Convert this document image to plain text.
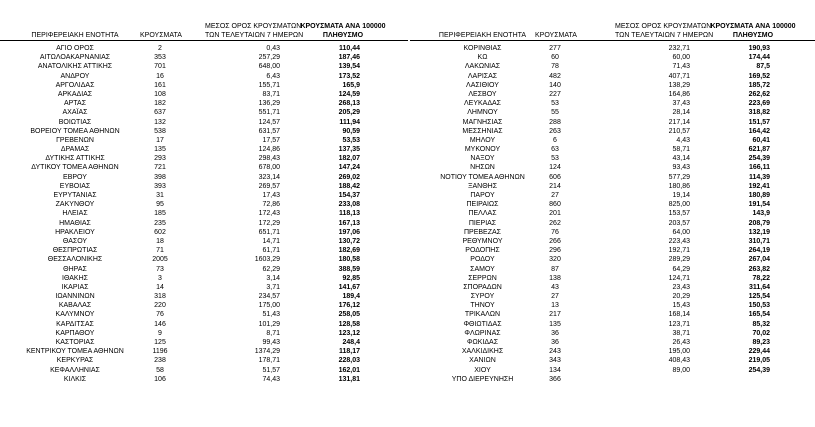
ΠΕΡΙΦΕΡΕΙΑΚΗ ΕΝΟΤΗΤΑ	ΚΡΟΥΣΜΑΤΑ
ΜΕΣΟΣ ΟΡΟΣ ΚΡΟΥΣΜΑΤΩΝ
ΤΩΝ ΤΕΛΕΥΤΑΙΩΝ 7 ΗΜΕΡΩΝ
ΚΡΟΥΣΜΑΤΑ ΑΝΑ 100000
ΠΛΗΘΥΣΜΟ
ΑΓΙΟ ΟΡΟΣ	2	0,43	110,44
ΑΙΤΩΛΟΑΚΑΡΝΑΝΙΑΣ	353	257,29	187,46
ΑΝΑΤΟΛΙΚΗΣ ΑΤΤΙΚΗΣ	701	648,00	139,54
ΑΝΔΡΟΥ	16	6,43	173,52
ΑΡΓΟΛΙΔΑΣ	161	155,71	165,9
ΑΡΚΑΔΙΑΣ	108	83,71	124,59
ΑΡΤΑΣ	182	136,29	268,13
ΑΧΑΪΑΣ	637	551,71	205,29
ΒΟΙΩΤΙΑΣ	132	124,57	111,94
ΒΟΡΕΙΟΥ ΤΟΜΕΑ ΑΘΗΝΩΝ	538	631,57	90,59
ΓΡΕΒΕΝΩΝ	17	17,57	53,53
ΔΡΑΜΑΣ	135	124,86	137,35
ΔΥΤΙΚΗΣ ΑΤΤΙΚΗΣ	293	298,43	182,07
ΔΥΤΙΚΟΥ ΤΟΜΕΑ ΑΘΗΝΩΝ	721	678,00	147,24
ΕΒΡΟΥ	398	323,14	269,02
ΕΥΒΟΙΑΣ	393	269,57	188,42
ΕΥΡΥΤΑΝΙΑΣ	31	17,43	154,37
ΖΑΚΥΝΘΟΥ	95	72,86	233,08
ΗΛΕΙΑΣ	185	172,43	118,13
ΗΜΑΘΙΑΣ	235	172,29	167,13
ΗΡΑΚΛΕΙΟΥ	602	651,71	197,06
ΘΑΣΟΥ	18	14,71	130,72
ΘΕΣΠΡΩΤΙΑΣ	71	61,71	182,69
ΘΕΣΣΑΛΟΝΙΚΗΣ	2005	1603,29	180,58
ΘΗΡΑΣ	73	62,29	388,59
ΙΘΑΚΗΣ	3	3,14	92,85
ΙΚΑΡΙΑΣ	14	3,71	141,67
ΙΩΑΝΝΙΝΩΝ	318	234,57	189,4
ΚΑΒΑΛΑΣ	220	175,00	176,12
ΚΑΛΥΜΝΟΥ	76	51,43	258,05
ΚΑΡΔΙΤΣΑΣ	146	101,29	128,58
ΚΑΡΠΑΘΟΥ	9	8,71	123,12
ΚΑΣΤΟΡΙΑΣ	125	99,43	248,4
ΚΕΝΤΡΙΚΟΥ ΤΟΜΕΑ ΑΘΗΝΩΝ	1196	1374,29	118,17
ΚΕΡΚΥΡΑΣ	238	178,71	228,03
ΚΕΦΑΛΛΗΝΙΑΣ	58	51,57	162,01
ΚΙΛΚΙΣ	106	74,43	131,81
ΠΕΡΙΦΕΡΕΙΑΚΗ ΕΝΟΤΗΤΑ	ΚΡΟΥΣΜΑΤΑ
ΜΕΣΟΣ ΟΡΟΣ ΚΡΟΥΣΜΑΤΩΝ
ΤΩΝ ΤΕΛΕΥΤΑΙΩΝ 7 ΗΜΕΡΩΝ
ΚΡΟΥΣΜΑΤΑ ΑΝΑ 100000
ΠΛΗΘΥΣΜΟ
ΚΟΡΙΝΘΙΑΣ	277	232,71	190,93
ΚΩ	60	60,00	174,44
ΛΑΚΩΝΙΑΣ	78	71,43	87,5
ΛΑΡΙΣΑΣ	482	407,71	169,52
ΛΑΣΙΘΙΟΥ	140	138,29	185,72
ΛΕΣΒΟΥ	227	164,86	262,62
ΛΕΥΚΑΔΑΣ	53	37,43	223,69
ΛΗΜΝΟΥ	55	28,14	318,82
ΜΑΓΝΗΣΙΑΣ	288	217,14	151,57
ΜΕΣΣΗΝΙΑΣ	263	210,57	164,42
ΜΗΛΟΥ	6	4,43	60,41
ΜΥΚΟΝΟΥ	63	58,71	621,87
ΝΑΞΟΥ	53	43,14	254,39
ΝΗΣΩΝ	124	93,43	166,11
ΝΟΤΙΟΥ ΤΟΜΕΑ ΑΘΗΝΩΝ	606	577,29	114,39
ΞΑΝΘΗΣ	214	180,86	192,41
ΠΑΡΟΥ	27	19,14	180,89
ΠΕΙΡΑΙΩΣ	860	825,00	191,54
ΠΕΛΛΑΣ	201	153,57	143,9
ΠΙΕΡΙΑΣ	262	203,57	208,79
ΠΡΕΒΕΖΑΣ	76	64,00	132,19
ΡΕΘΥΜΝΟΥ	266	223,43	310,71
ΡΟΔΟΠΗΣ	296	192,71	264,19
ΡΟΔΟΥ	320	289,29	267,04
ΣΑΜΟΥ	87	64,29	263,82
ΣΕΡΡΩΝ	138	124,71	78,22
ΣΠΟΡΑΔΩΝ	43	23,43	311,64
ΣΥΡΟΥ	27	20,29	125,54
ΤΗΝΟΥ	13	15,43	150,53
ΤΡΙΚΑΛΩΝ	217	168,14	165,54
ΦΘΙΩΤΙΔΑΣ	135	123,71	85,32
ΦΛΩΡΙΝΑΣ	36	38,71	70,02
ΦΩΚΙΔΑΣ	36	26,43	89,23
ΧΑΛΚΙΔΙΚΗΣ	243	195,00	229,44
ΧΑΝΙΩΝ	343	408,43	219,05
ΧΙΟΥ	134	89,00	254,39
ΥΠΟ ΔΙΕΡΕΥΝΗΣΗ	366
